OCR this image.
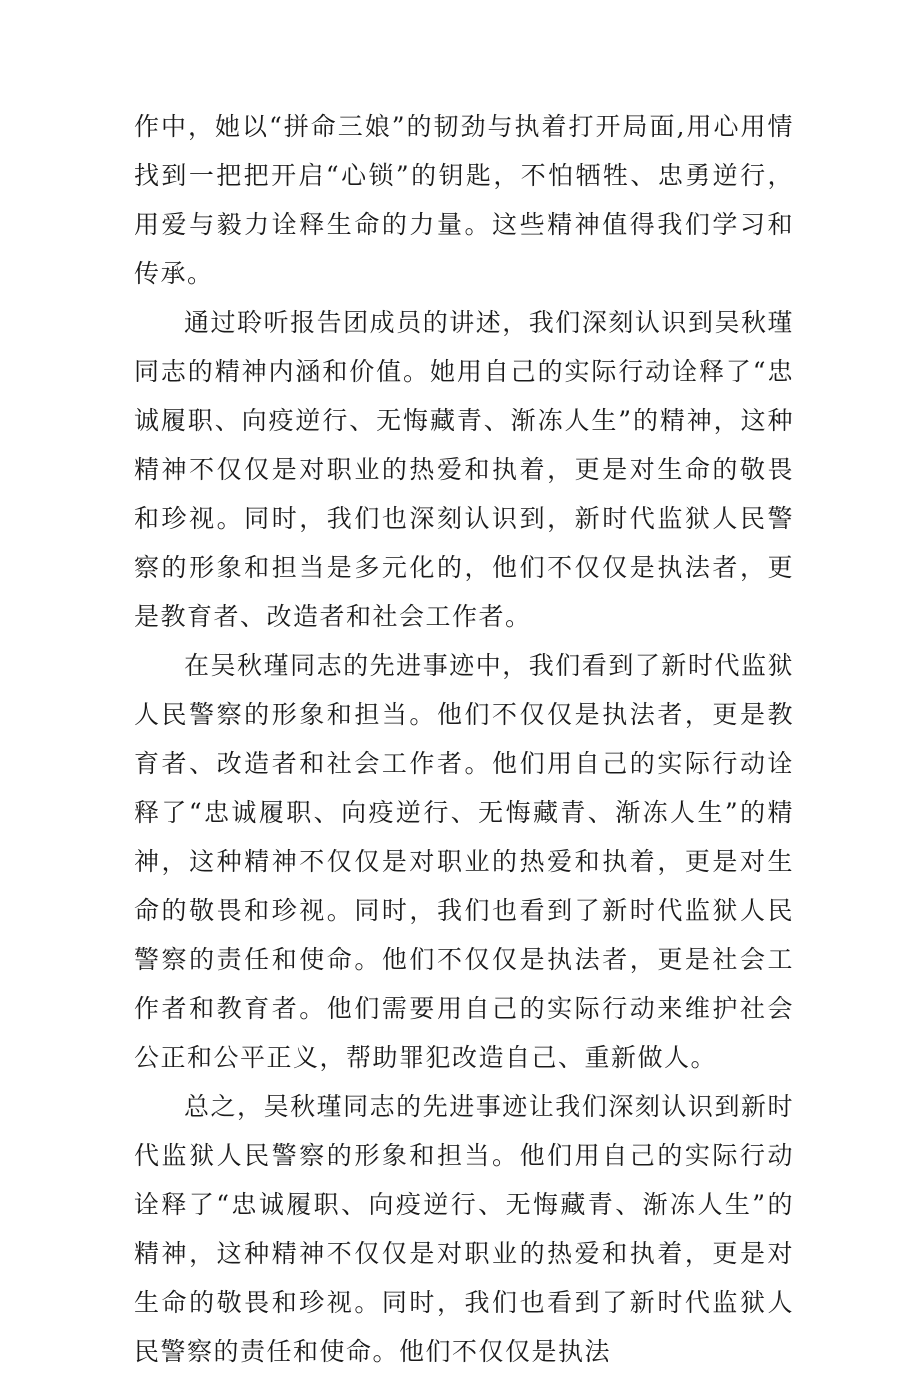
作中，她以“拼命三娘”的韧劲与执着打开局面,用心用情找到一把把开启“心锁”的钥匙，不怕牺牲、忠勇逆行，用爱与毅力诠释生命的力量。这些精神值得我们学习和传承。

通过聆听报告团成员的讲述，我们深刻认识到吴秋瑾同志的精神内涵和价值。她用自己的实际行动诠释了“忠诚履职、向疫逆行、无悔藏青、渐冻人生”的精神，这种精神不仅仅是对职业的热爱和执着，更是对生命的敬畏和珍视。同时，我们也深刻认识到，新时代监狱人民警察的形象和担当是多元化的，他们不仅仅是执法者，更是教育者、改造者和社会工作者。

在吴秋瑾同志的先进事迹中，我们看到了新时代监狱人民警察的形象和担当。他们不仅仅是执法者，更是教育者、改造者和社会工作者。他们用自己的实际行动诠释了“忠诚履职、向疫逆行、无悔藏青、渐冻人生”的精神，这种精神不仅仅是对职业的热爱和执着，更是对生命的敬畏和珍视。同时，我们也看到了新时代监狱人民警察的责任和使命。他们不仅仅是执法者，更是社会工作者和教育者。他们需要用自己的实际行动来维护社会公正和公平正义，帮助罪犯改造自己、重新做人。

总之，吴秋瑾同志的先进事迹让我们深刻认识到新时代监狱人民警察的形象和担当。他们用自己的实际行动诠释了“忠诚履职、向疫逆行、无悔藏青、渐冻人生”的精神，这种精神不仅仅是对职业的热爱和执着，更是对生命的敬畏和珍视。同时，我们也看到了新时代监狱人民警察的责任和使命。他们不仅仅是执法
